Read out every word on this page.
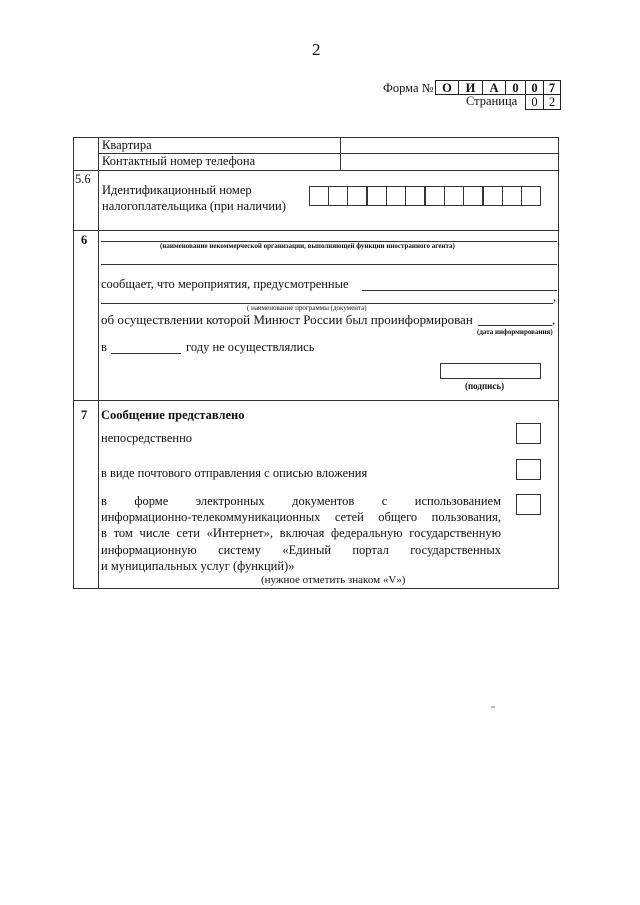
2
Форма № О	И	А	0	0 7
Страница	0 2
Квартира
Контактный номер телефона
5.6
Идентификационный номер
налогоплательщика (при наличии)
6	(наименование некоммерческой организации, выполняющей функции иностранного агента)
сообщает, что мероприятия, предусмотренные
,
( наименование программы (документа)
об осуществлении которой Минюст России был проинформирован	,
(дата информирования)
в	году не осуществлялись
(подпись)
7 Сообщение представлено
непосредственно
в виде почтового отправления с описью вложения
в форме электронных документов с использованием
информационно-телекоммуникационных сетей общего пользования,
в том числе сети «Интернет», включая федеральную государственную
информационную систему «Единый портал государственных
и муниципальных услуг (функций)»
(нужное отметить знаком «V»)
